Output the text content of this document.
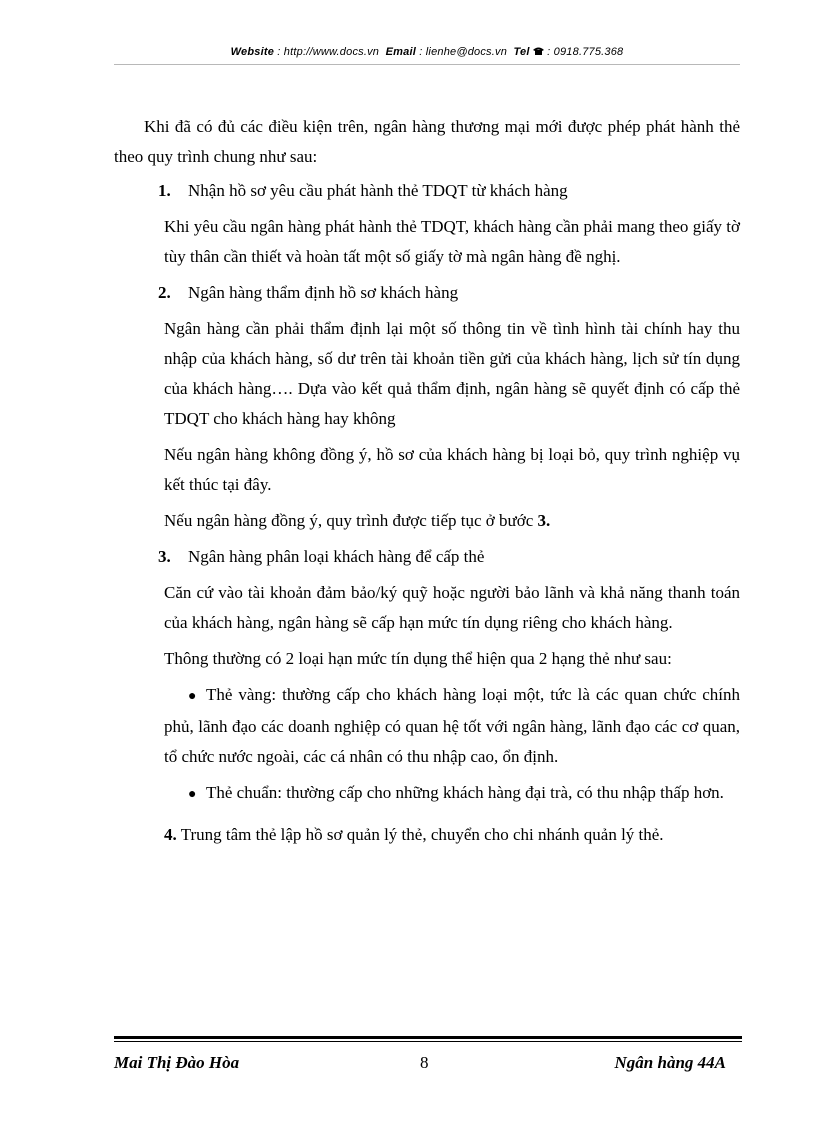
Website : http://www.docs.vn Email : lienhe@docs.vn Tel : 0918.775.368

Khi đã có đủ các điều kiện trên, ngân hàng thương mại mới được phép phát hành thẻ theo quy trình chung như sau:

1. Nhận hồ sơ yêu cầu phát hành thẻ TDQT từ khách hàng

Khi yêu cầu ngân hàng phát hành thẻ TDQT, khách hàng cần phải mang theo giấy tờ tùy thân cần thiết và hoàn tất một số giấy tờ mà ngân hàng đề nghị.

2. Ngân hàng thẩm định hồ sơ khách hàng

Ngân hàng cần phải thẩm định lại một số thông tin về tình hình tài chính hay thu nhập của khách hàng, số dư trên tài khoản tiền gửi của khách hàng, lịch sử tín dụng của khách hàng…. Dựa vào kết quả thẩm định, ngân hàng sẽ quyết định có cấp thẻ TDQT cho khách hàng hay không

Nếu ngân hàng không đồng ý, hồ sơ của khách hàng bị loại bỏ, quy trình nghiệp vụ kết thúc tại đây.

Nếu ngân hàng đồng ý, quy trình được tiếp tục ở bước 3.

3. Ngân hàng phân loại khách hàng để cấp thẻ

Căn cứ vào tài khoản đảm bảo/ký quỹ hoặc người bảo lãnh và khả năng thanh toán của khách hàng, ngân hàng sẽ cấp hạn mức tín dụng riêng cho khách hàng.

Thông thường có 2 loại hạn mức tín dụng thể hiện qua 2 hạng thẻ như sau:

● Thẻ vàng: thường cấp cho khách hàng loại một, tức là các quan chức chính phủ, lãnh đạo các doanh nghiệp có quan hệ tốt với ngân hàng, lãnh đạo các cơ quan, tổ chức nước ngoài, các cá nhân có thu nhập cao, ổn định.

● Thẻ chuẩn: thường cấp cho những khách hàng đại trà, có thu nhập thấp hơn.

4. Trung tâm thẻ lập hồ sơ quản lý thẻ, chuyển cho chi nhánh quản lý thẻ.

Mai Thị Đào Hòa	8	Ngân hàng 44A
